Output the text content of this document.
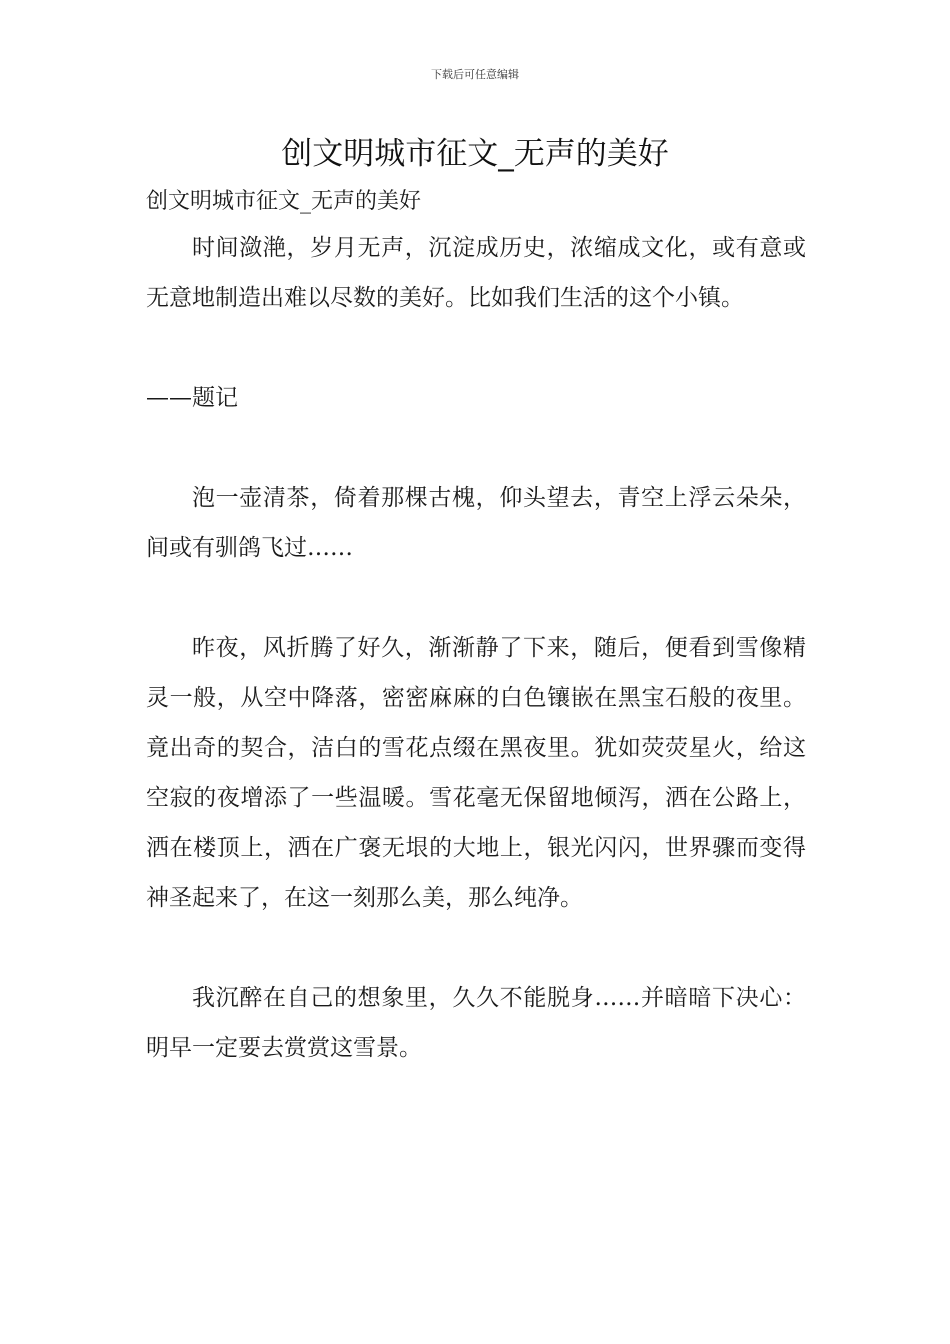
下载后可任意编辑
创文明城市征文_无声的美好

创文明城市征文_无声的美好

时间潋滟，岁月无声，沉淀成历史，浓缩成文化，或有意或无意地制造出难以尽数的美好。比如我们生活的这个小镇。

——题记

泡一壶清茶，倚着那棵古槐，仰头望去，青空上浮云朵朵，间或有驯鸽飞过……

昨夜，风折腾了好久，渐渐静了下来，随后，便看到雪像精灵一般，从空中降落，密密麻麻的白色镶嵌在黑宝石般的夜里。竟出奇的契合，洁白的雪花点缀在黑夜里。犹如荧荧星火，给这空寂的夜增添了一些温暖。雪花毫无保留地倾泻，洒在公路上，洒在楼顶上，洒在广褒无垠的大地上，银光闪闪，世界骤而变得神圣起来了，在这一刻那么美，那么纯净。

我沉醉在自己的想象里，久久不能脱身……并暗暗下决心：明早一定要去赏赏这雪景。
